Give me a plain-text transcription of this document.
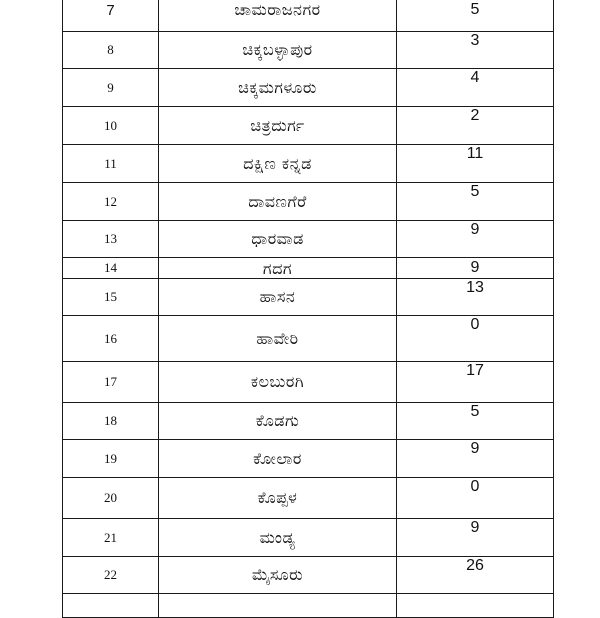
7	ಚಾಮರಾಜನಗರ	5
8	ಚಿಕ್ಕಬಳ್ಳಾಪುರ	3
9	ಚಿಕ್ಕಮಗಳೂರು	4
10	ಚಿತ್ರದುರ್ಗ	2
11	ದಕ್ಷಿಣ ಕನ್ನಡ	11
12	ದಾವಣಗೆರೆ	5
13	ಧಾರವಾಡ	9
14	ಗದಗ	9
15	ಹಾಸನ	13
16	ಹಾವೇರಿ	0
17	ಕಲಬುರಗಿ	17
18	ಕೊಡಗು	5
19	ಕೋಲಾರ	9
20	ಕೊಪ್ಪಳ	0
21	ಮಂಡ್ಯ	9
22	ಮೈಸೂರು	26
